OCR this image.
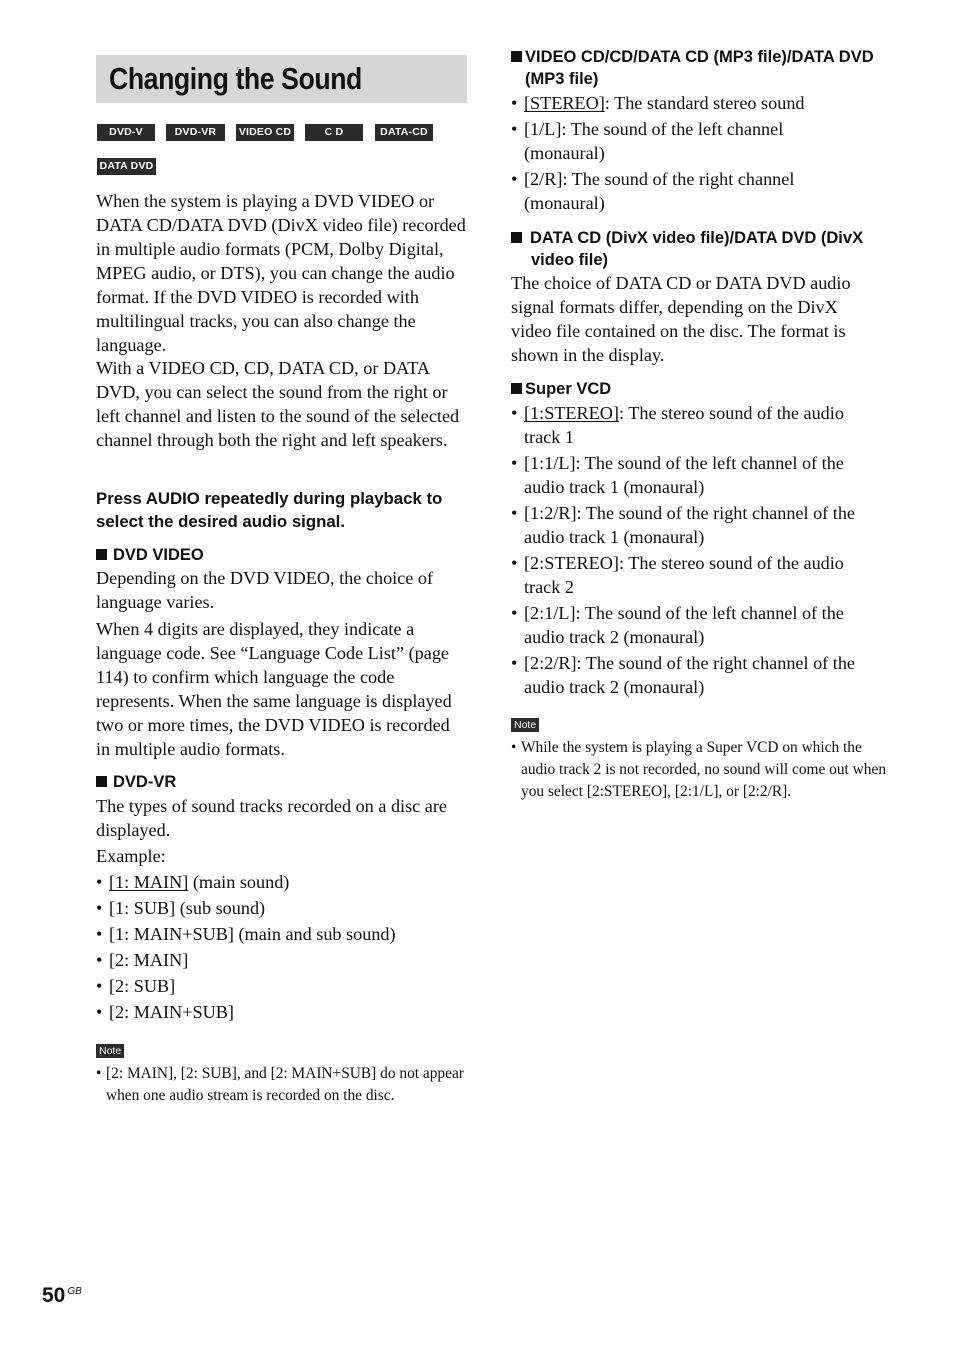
Changing the Sound
DVD-V	DVD-VR	VIDEO CD	C D	DATA-CD
DATA DVD

When the system is playing a DVD VIDEO or DATA CD/DATA DVD (DivX video file) recorded in multiple audio formats (PCM, Dolby Digital, MPEG audio, or DTS), you can change the audio format. If the DVD VIDEO is recorded with multilingual tracks, you can also change the language.

With a VIDEO CD, CD, DATA CD, or DATA DVD, you can select the sound from the right or left channel and listen to the sound of the selected channel through both the right and left speakers.

Press AUDIO repeatedly during playback to select the desired audio signal.
DVD VIDEO
Depending on the DVD VIDEO, the choice of language varies.
When 4 digits are displayed, they indicate a language code. See “Language Code List” (page 114) to confirm which language the code represents. When the same language is displayed two or more times, the DVD VIDEO is recorded in multiple audio formats.
DVD-VR
The types of sound tracks recorded on a disc are displayed.
Example:
• [1: MAIN] (main sound)
• [1: SUB] (sub sound)
• [1: MAIN+SUB] (main and sub sound)
• [2: MAIN]
• [2: SUB]
• [2: MAIN+SUB]
Note
• [2: MAIN], [2: SUB], and [2: MAIN+SUB] do not appear when one audio stream is recorded on the disc.
VIDEO CD/CD/DATA CD (MP3 file)/DATA DVD (MP3 file)
• [STEREO]: The standard stereo sound
• [1/L]: The sound of the left channel (monaural)
• [2/R]: The sound of the right channel (monaural)
DATA CD (DivX video file)/DATA DVD (DivX video file)
The choice of DATA CD or DATA DVD audio signal formats differ, depending on the DivX video file contained on the disc. The format is shown in the display.
Super VCD
• [1:STEREO]: The stereo sound of the audio track 1
• [1:1/L]: The sound of the left channel of the audio track 1 (monaural)
• [1:2/R]: The sound of the right channel of the audio track 1 (monaural)
• [2:STEREO]: The stereo sound of the audio track 2
• [2:1/L]: The sound of the left channel of the audio track 2 (monaural)
• [2:2/R]: The sound of the right channel of the audio track 2 (monaural)
Note
• While the system is playing a Super VCD on which the audio track 2 is not recorded, no sound will come out when you select [2:STEREO], [2:1/L], or [2:2/R].
50 $^{GB}$
